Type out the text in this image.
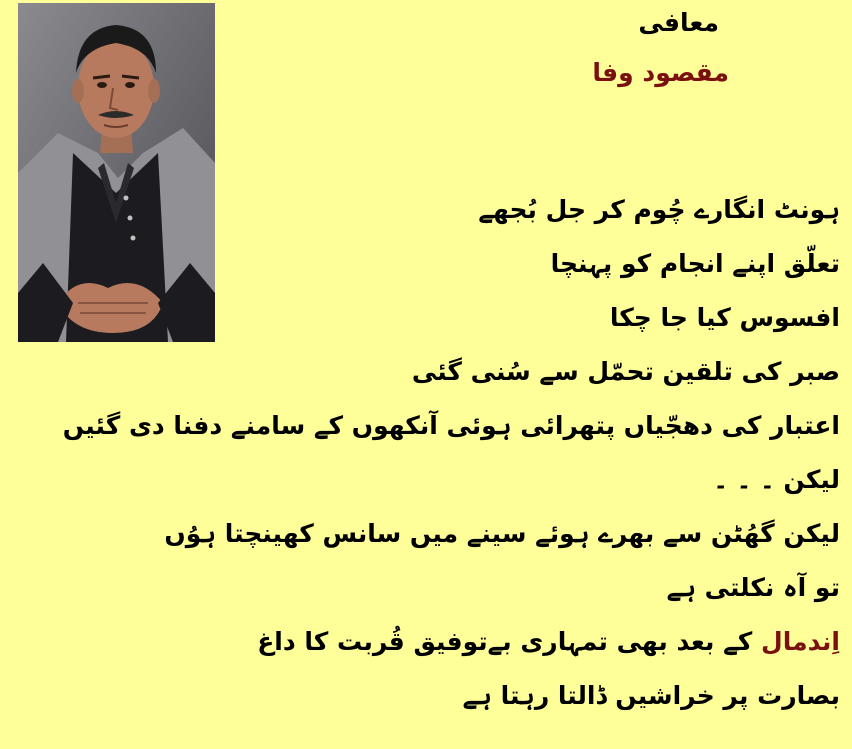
معافی
مقصود وفا
ہونٹ انگارے چُوم کر جل بُجھے
تعلّق اپنے انجام کو پہنچا
افسوس کیا جا چکا
صبر کی تلقین تحمّل سے سُنی گئی
اعتبار کی دھجّیاں پتھرائی ہوئی آنکھوں کے سامنے دفنا دی گئیں
لیکن ۔ ۔ ۔
لیکن گھُٹن سے بھرے ہوئے سینے میں سانس کھینچتا ہوُں
تو آہ نکلتی ہے
اِندمال کے بعد بھی تمہاری بےتوفیق قُربت کا داغ
بصارت پر خراشیں ڈالتا رہتا ہے
